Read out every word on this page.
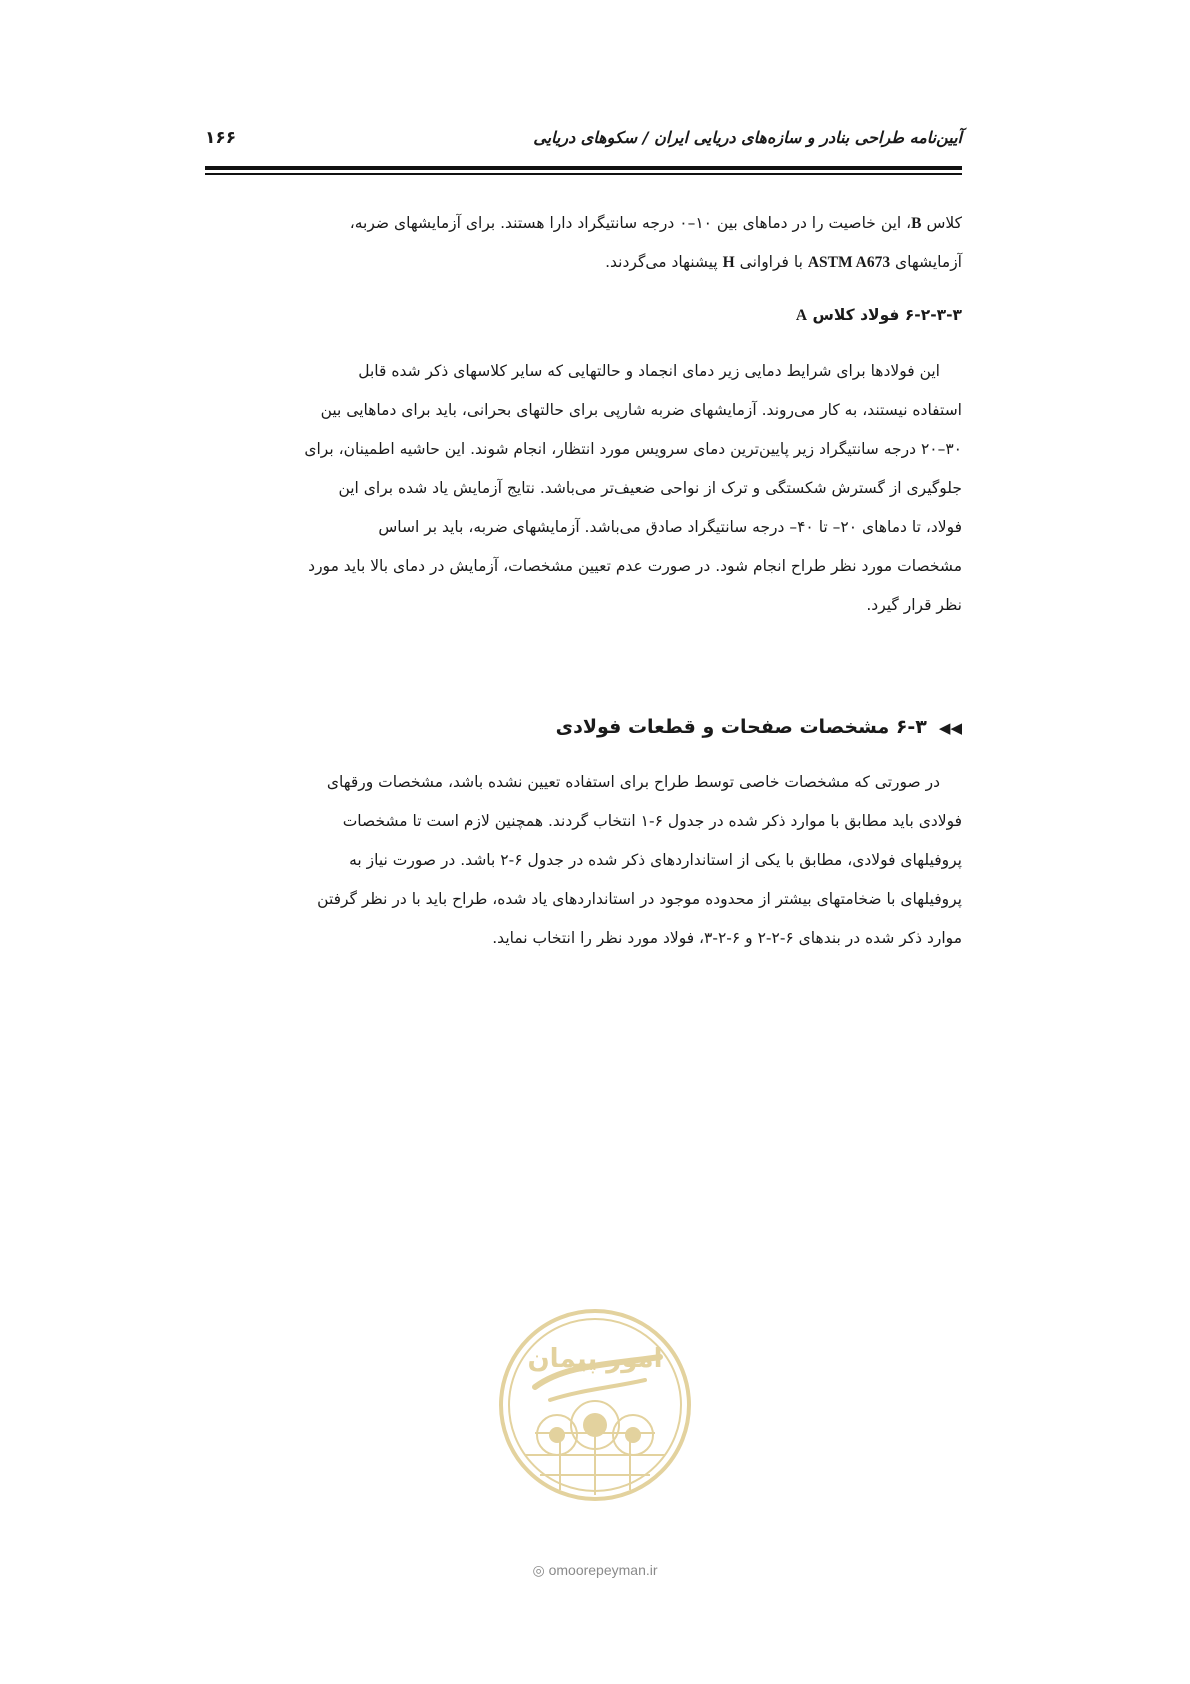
۱۶۶	آیین‌نامه طراحی بنادر و سازه‌های دریایی ایران / سکوهای دریایی

کلاس B، این خاصیت را در دماهای بین ۱۰–۰ درجه سانتیگراد دارا هستند. برای آزمایشهای ضربه،

آزمایشهای ASTM A673 با فراوانی H پیشنهاد می‌گردند.

۶-۲-۳-۳ فولاد کلاس A

این فولادها برای شرایط دمایی زیر دمای انجماد و حالتهایی که سایر کلاسهای ذکر شده قابل

استفاده نیستند، به کار می‌روند. آزمایشهای ضربه شارپی برای حالتهای بحرانی، باید برای دماهایی بین

۳۰–۲۰ درجه سانتیگراد زیر پایین‌ترین دمای سرویس مورد انتظار، انجام شوند. این حاشیه اطمینان، برای

جلوگیری از گسترش شکستگی و ترک از نواحی ضعیف‌تر می‌باشد. نتایج آزمایش یاد شده برای این

فولاد، تا دماهای ۲۰– تا ۴۰– درجه سانتیگراد صادق می‌باشد. آزمایشهای ضربه، باید بر اساس

مشخصات مورد نظر طراح انجام شود. در صورت عدم تعیین مشخصات، آزمایش در دمای بالا باید مورد

نظر قرار گیرد.

◀◀۶-۳ مشخصات صفحات و قطعات فولادی

در صورتی که مشخصات خاصی توسط طراح برای استفاده تعیین نشده باشد، مشخصات ورقهای

فولادی باید مطابق با موارد ذکر شده در جدول ۶-۱ انتخاب گردند. همچنین لازم است تا مشخصات

پروفیلهای فولادی، مطابق با یکی از استانداردهای ذکر شده در جدول ۶-۲ باشد. در صورت نیاز به

پروفیلهای با ضخامتهای بیشتر از محدوده موجود در استانداردهای یاد شده، طراح باید با در نظر گرفتن

موارد ذکر شده در بندهای ۶-۲-۲ و ۶-۲-۳، فولاد مورد نظر را انتخاب نماید.

امور پیمان
◎ omoorepeyman.ir
